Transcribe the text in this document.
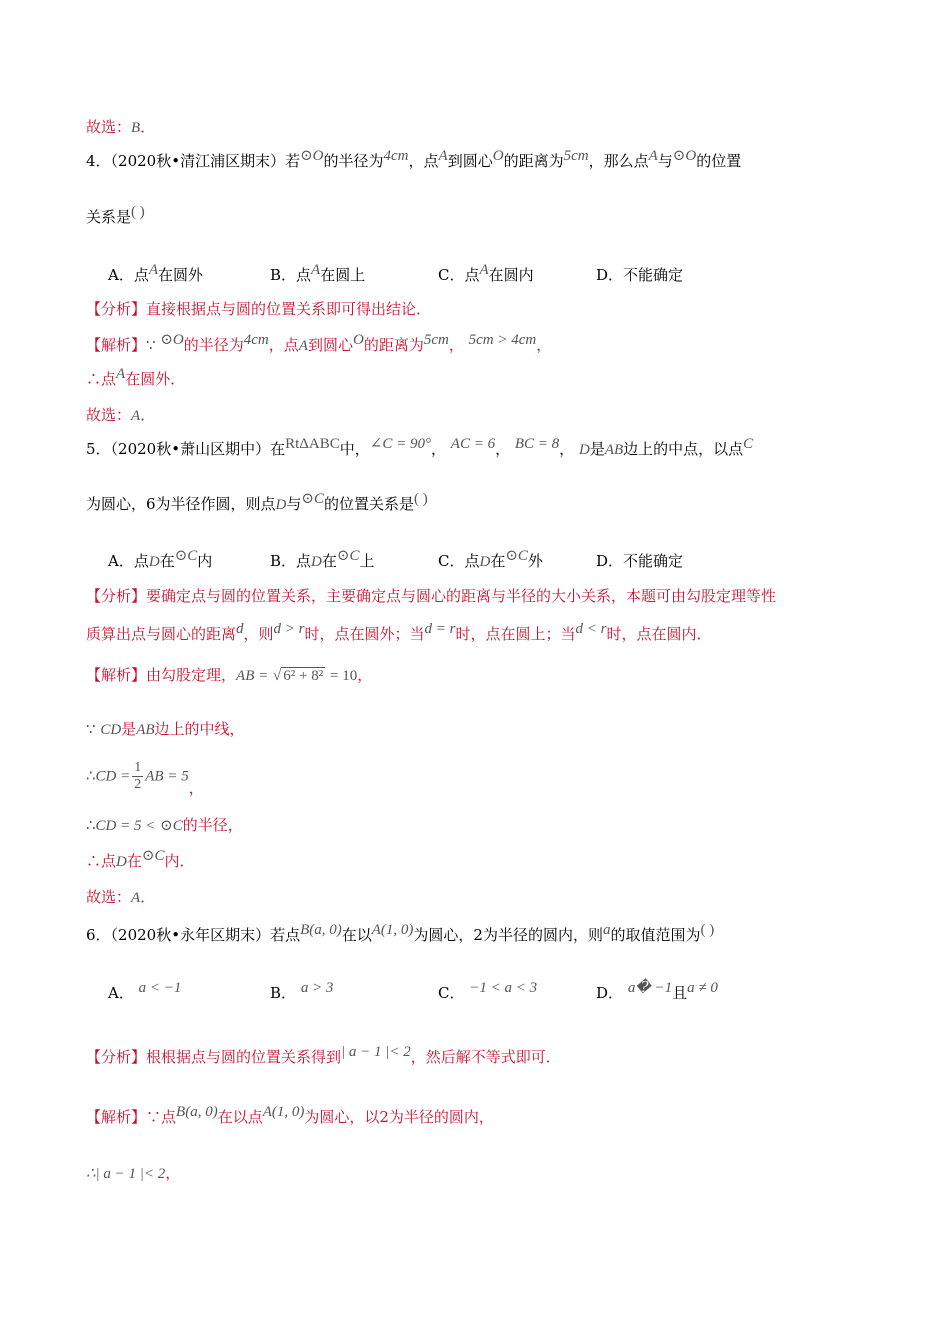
故选：B．
4．（2020秋•清江浦区期末）若⊙O的半径为4cm，点A到圆心O的距离为5cm，那么点A与⊙O的位置
关系是( )
A．点A在圆外	B．点A在圆上	C．点A在圆内	D．不能确定
【分析】直接根据点与圆的位置关系即可得出结论．
【解析】∵ ⊙O的半径为4cm，点A到圆心O的距离为5cm， 5cm > 4cm，
∴点A在圆外．
故选：A．
5．（2020秋•萧山区期中）在RtΔABC中，∠C = 90°， AC = 6， BC = 8， D是AB边上的中点，以点C
为圆心，6为半径作圆，则点D与⊙C的位置关系是( )
A．点D在⊙C内	B．点D在⊙C上	C．点D在⊙C外	D．不能确定
【分析】要确定点与圆的位置关系，主要确定点与圆心的距离与半径的大小关系，本题可由勾股定理等性
质算出点与圆心的距离d，则d > r时，点在圆外；当d = r时，点在圆上；当d < r时，点在圆内．
【解析】由勾股定理，AB = √ 6² + 8² = 10，
∵ CD是AB边上的中线，
∴CD = $\frac{1}{2}$ AB = 5，
∴CD = 5 < ⊙C的半径，
∴点D在⊙C内．
故选：A．
6．（2020秋•永年区期末）若点B(a, 0)在以A(1, 0)为圆心，2为半径的圆内，则a的取值范围为( )
A． a < −1	B． a > 3	C． −1 < a < 3	D． a� −1且a ≠ 0
【分析】根根据点与圆的位置关系得到| a − 1 |< 2，然后解不等式即可．
【解析】∵点B(a, 0)在以点A(1, 0)为圆心，以2为半径的圆内，
∴| a − 1 |< 2，
